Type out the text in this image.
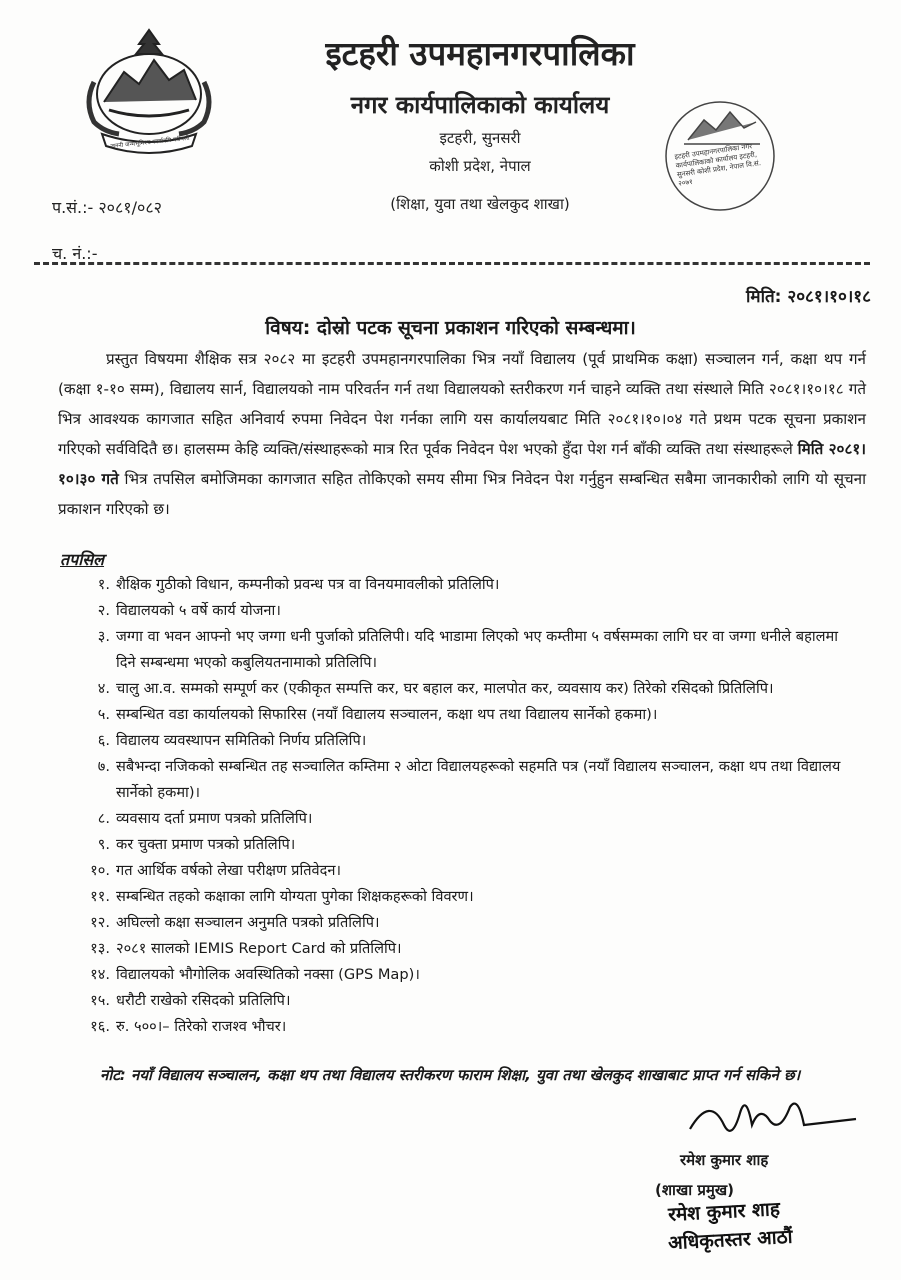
जननी जन्मभूमिश्च स्वर्गादपि गरीयसी
इटहरी उपमहानगरपालिका
नगर कार्यपालिकाको कार्यालय
इटहरी, सुनसरी
कोशी प्रदेश, नेपाल
(शिक्षा, युवा तथा खेलकुद शाखा)
इटहरी उपमहानगरपालिका नगर कार्यपालिकाको कार्यालय इटहरी, सुनसरी कोशी प्रदेश, नेपाल वि.सं. २०७१
प.सं.:- २०८१/०८२
च. नं.:-
मिति: २०८१।१०।१८
विषय: दोस्रो पटक सूचना प्रकाशन गरिएको सम्बन्धमा।

प्रस्तुत विषयमा शैक्षिक सत्र २०८२ मा इटहरी उपमहानगरपालिका भित्र नयाँ विद्यालय (पूर्व प्राथमिक कक्षा) सञ्चालन गर्न, कक्षा थप गर्न (कक्षा १-१० सम्म), विद्यालय सार्न, विद्यालयको नाम परिवर्तन गर्न तथा विद्यालयको स्तरीकरण गर्न चाहने व्यक्ति तथा संस्थाले मिति २०८१।१०।१८ गते भित्र आवश्यक कागजात सहित अनिवार्य रुपमा निवेदन पेश गर्नका लागि यस कार्यालयबाट मिति २०८१।१०।०४ गते प्रथम पटक सूचना प्रकाशन गरिएको सर्वविदितै छ। हालसम्म केहि व्यक्ति/संस्थाहरूको मात्र रित पूर्वक निवेदन पेश भएको हुँदा पेश गर्न बाँकी व्यक्ति तथा संस्थाहरूले मिति २०८१।१०।३० गते भित्र तपसिल बमोजिमका कागजात सहित तोकिएको समय सीमा भित्र निवेदन पेश गर्नुहुन सम्बन्धित सबैमा जानकारीको लागि यो सूचना प्रकाशन गरिएको छ।

तपसिल
१. शैक्षिक गुठीको विधान, कम्पनीको प्रवन्ध पत्र वा विनयमावलीको प्रतिलिपि।
२. विद्यालयको ५ वर्षे कार्य योजना।
३. जग्गा वा भवन आफ्नो भए जग्गा धनी पुर्जाको प्रतिलिपी। यदि भाडामा लिएको भए कम्तीमा ५ वर्षसम्मका लागि घर वा जग्गा धनीले बहालमा दिने सम्बन्धमा भएको कबुलियतनामाको प्रतिलिपि।
४. चालु आ.व. सम्मको सम्पूर्ण कर (एकीकृत सम्पत्ति कर, घर बहाल कर, मालपोत कर, व्यवसाय कर) तिरेको रसिदको प्रितिलिपि।
५. सम्बन्धित वडा कार्यालयको सिफारिस (नयाँ विद्यालय सञ्चालन, कक्षा थप तथा विद्यालय सार्नेको हकमा)।
६. विद्यालय व्यवस्थापन समितिको निर्णय प्रतिलिपि।
७. सबैभन्दा नजिकको सम्बन्धित तह सञ्चालित कम्तिमा २ ओटा विद्यालयहरूको सहमति पत्र (नयाँ विद्यालय सञ्चालन, कक्षा थप तथा विद्यालय सार्नेको हकमा)।
८. व्यवसाय दर्ता प्रमाण पत्रको प्रतिलिपि।
९. कर चुक्ता प्रमाण पत्रको प्रतिलिपि।
१०. गत आर्थिक वर्षको लेखा परीक्षण प्रतिवेदन।
११. सम्बन्धित तहको कक्षाका लागि योग्यता पुगेका शिक्षकहरूको विवरण।
१२. अघिल्लो कक्षा सञ्चालन अनुमति पत्रको प्रतिलिपि।
१३. २०८१ सालको IEMIS Report Card को प्रतिलिपि।
१४. विद्यालयको भौगोलिक अवस्थितिको नक्सा (GPS Map)।
१५. धरौटी राखेको रसिदको प्रतिलिपि।
१६. रु. ५००।– तिरेको राजश्व भौचर।
नोट: नयाँ विद्यालय सञ्चालन, कक्षा थप तथा विद्यालय स्तरीकरण फाराम शिक्षा, युवा तथा खेलकुद शाखाबाट प्राप्त गर्न सकिने छ।
रमेश कुमार शाह
(शाखा प्रमुख)
रमेश कुमार शाह
अधिकृतस्तर आठौं
